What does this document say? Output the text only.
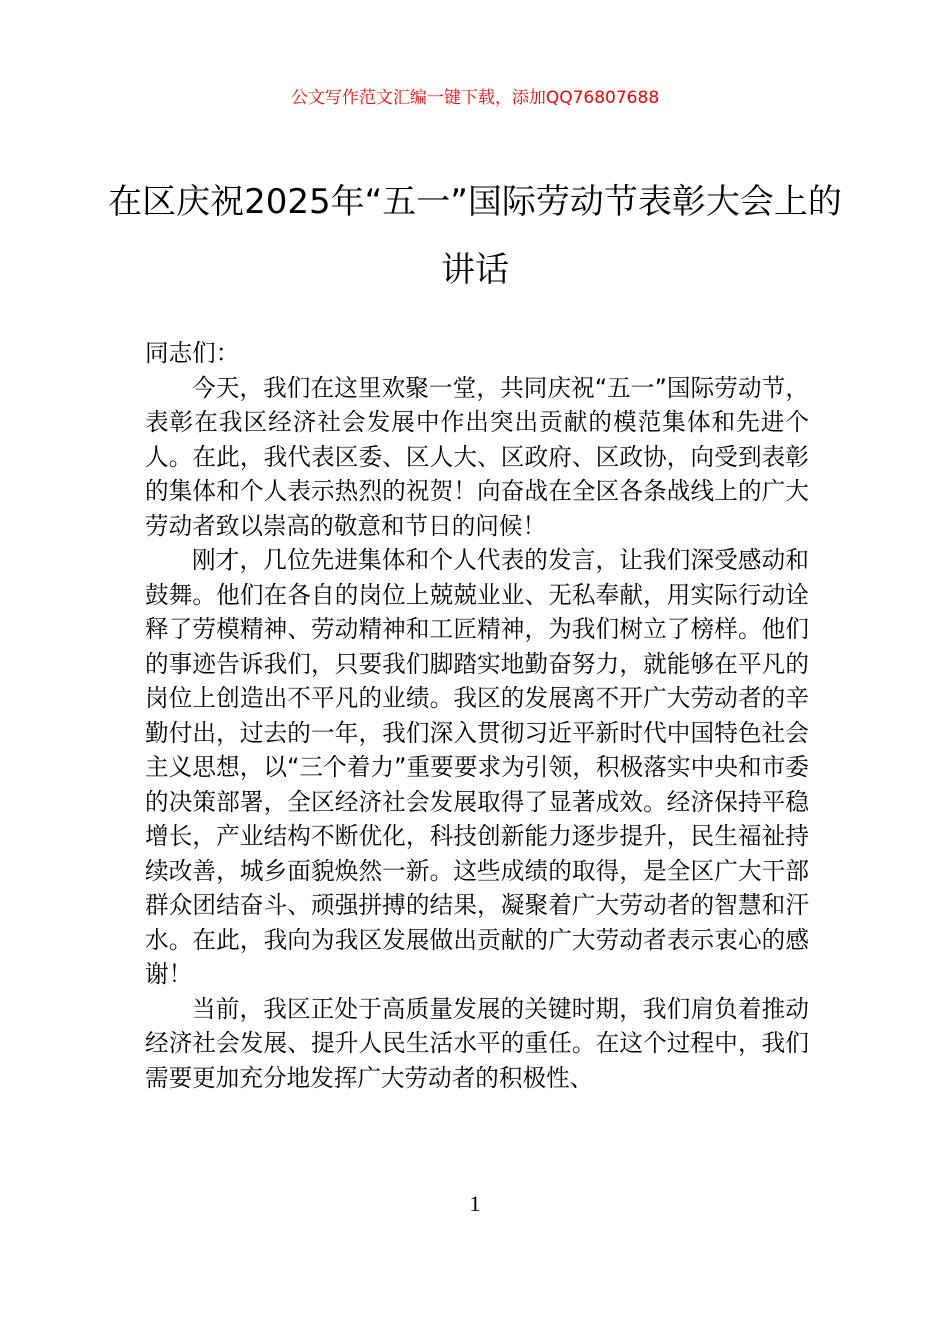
公文写作范文汇编一键下载，添加QQ76807688
在区庆祝2025年“五一”国际劳动节表彰大会上的讲话

同志们：

今天，我们在这里欢聚一堂，共同庆祝“五一”国际劳动节，表彰在我区经济社会发展中作出突出贡献的模范集体和先进个人。在此，我代表区委、区人大、区政府、区政协，向受到表彰的集体和个人表示热烈的祝贺！向奋战在全区各条战线上的广大劳动者致以崇高的敬意和节日的问候！

刚才，几位先进集体和个人代表的发言，让我们深受感动和鼓舞。他们在各自的岗位上兢兢业业、无私奉献，用实际行动诠释了劳模精神、劳动精神和工匠精神，为我们树立了榜样。他们的事迹告诉我们，只要我们脚踏实地勤奋努力，就能够在平凡的岗位上创造出不平凡的业绩。我区的发展离不开广大劳动者的辛勤付出，过去的一年，我们深入贯彻习近平新时代中国特色社会主义思想，以“三个着力”重要要求为引领，积极落实中央和市委的决策部署，全区经济社会发展取得了显著成效。经济保持平稳增长，产业结构不断优化，科技创新能力逐步提升，民生福祉持续改善，城乡面貌焕然一新。这些成绩的取得，是全区广大干部群众团结奋斗、顽强拼搏的结果，凝聚着广大劳动者的智慧和汗水。在此，我向为我区发展做出贡献的广大劳动者表示衷心的感谢！

当前，我区正处于高质量发展的关键时期，我们肩负着推动经济社会发展、提升人民生活水平的重任。在这个过程中，我们需要更加充分地发挥广大劳动者的积极性、

1
